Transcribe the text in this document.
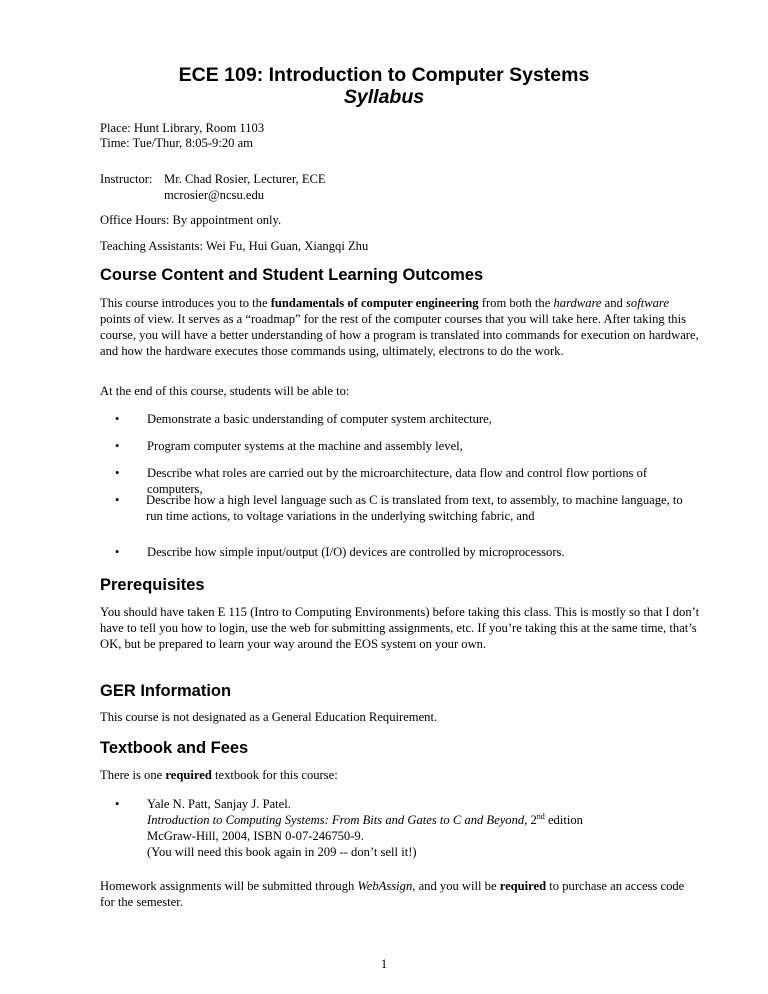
ECE 109: Introduction to Computer Systems
Syllabus
Place: Hunt Library, Room 1103
Time: Tue/Thur, 8:05-9:20 am
Instructor: Mr. Chad Rosier, Lecturer, ECE
mcrosier@ncsu.edu
Office Hours: By appointment only.
Teaching Assistants: Wei Fu, Hui Guan, Xiangqi Zhu
Course Content and Student Learning Outcomes
This course introduces you to the fundamentals of computer engineering from both the hardware and software points of view. It serves as a “roadmap” for the rest of the computer courses that you will take here. After taking this course, you will have a better understanding of how a program is translated into commands for execution on hardware, and how the hardware executes those commands using, ultimately, electrons to do the work.
At the end of this course, students will be able to:
• Demonstrate a basic understanding of computer system architecture,
• Program computer systems at the machine and assembly level,
• Describe what roles are carried out by the microarchitecture, data flow and control flow portions of computers,
• Describe how a high level language such as C is translated from text, to assembly, to machine language, to run time actions, to voltage variations in the underlying switching fabric, and
• Describe how simple input/output (I/O) devices are controlled by microprocessors.
Prerequisites
You should have taken E 115 (Intro to Computing Environments) before taking this class. This is mostly so that I don’t have to tell you how to login, use the web for submitting assignments, etc. If you’re taking this at the same time, that’s OK, but be prepared to learn your way around the EOS system on your own.
GER Information
This course is not designated as a General Education Requirement.
Textbook and Fees
There is one required textbook for this course:
• Yale N. Patt, Sanjay J. Patel.
Introduction to Computing Systems: From Bits and Gates to C and Beyond, 2nd edition
McGraw-Hill, 2004, ISBN 0-07-246750-9.
(You will need this book again in 209 -- don’t sell it!)
Homework assignments will be submitted through WebAssign, and you will be required to purchase an access code for the semester.
1
